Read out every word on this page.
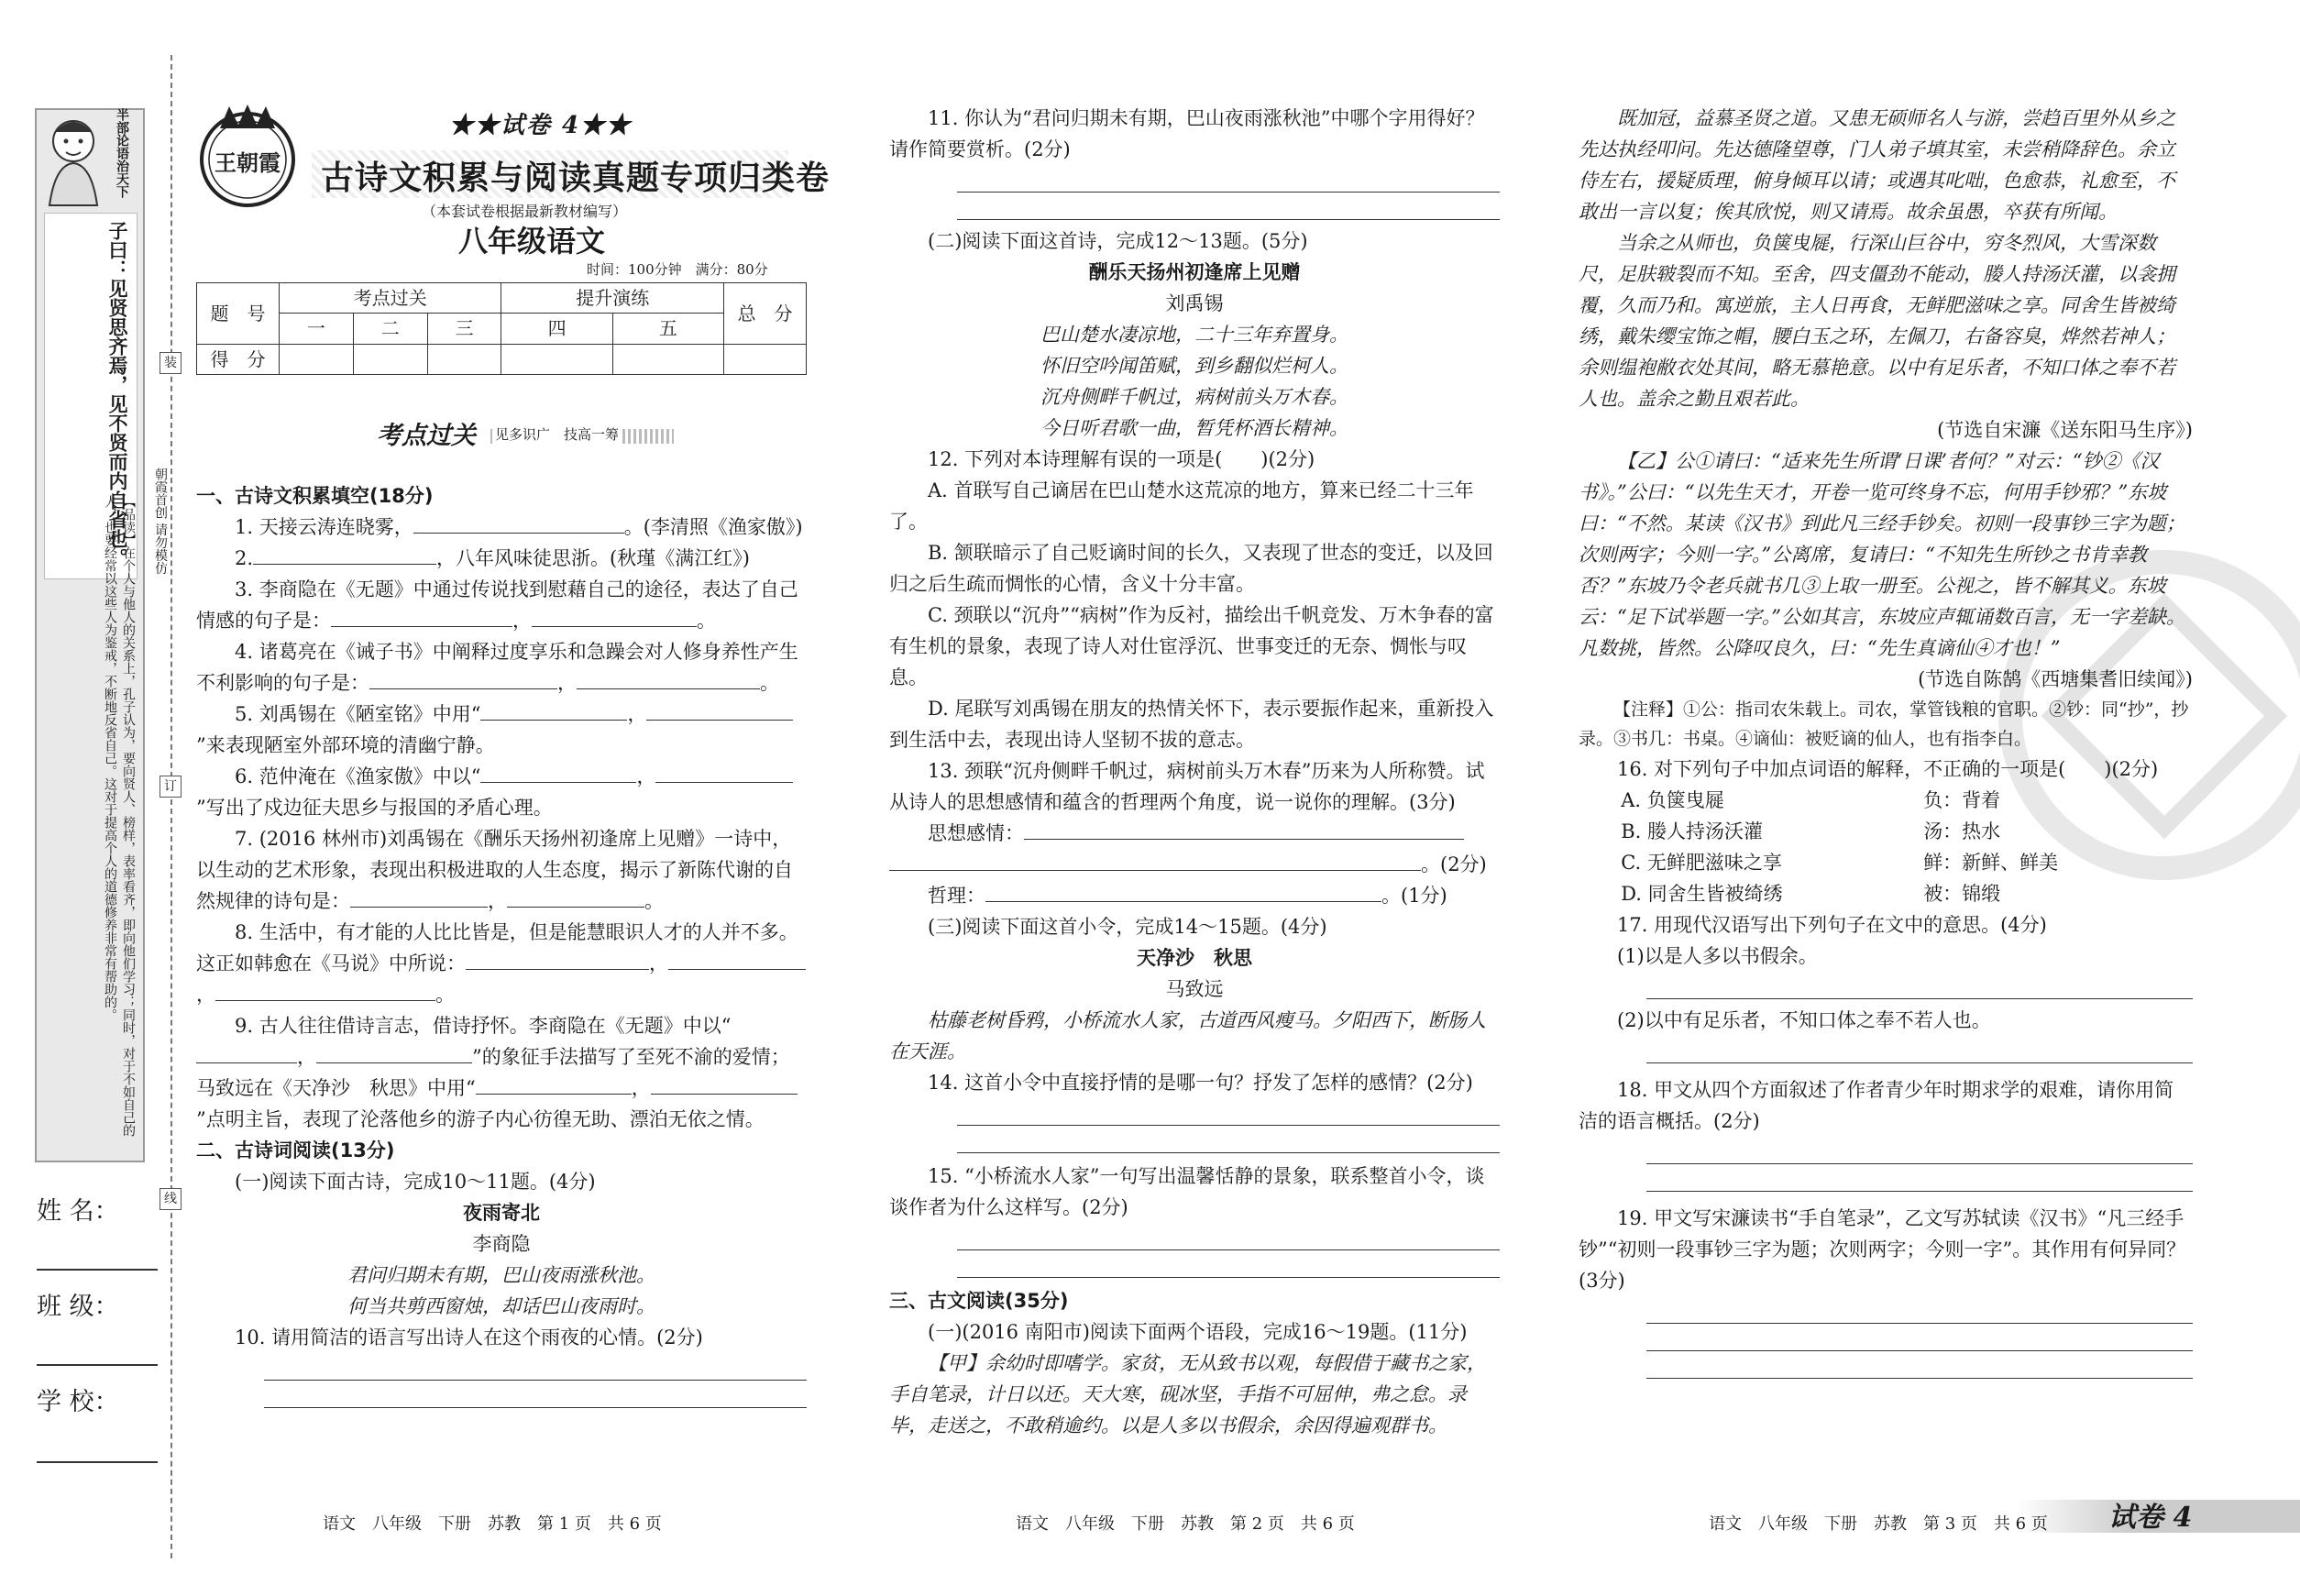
装
订
线
子曰：见贤思齐焉，见不贤而内自省也。
半部论语治天下
【品读】在个人与他人的关系上，孔子认为，要向贤人、榜样，表率看齐，即向他们学习；同时，对于不如自己的人，也要经常以这些人为鉴戒，不断地反省自己。这对于提高个人的道德修养非常有帮助的。	朝霞首创 请勿模仿
姓 名：
班 级：
学 校：
王朝霞
★★试卷 4★★
古诗文积累与阅读真题专项归类卷
（本套试卷根据最新教材编写）
八年级语文
时间：100分钟　满分：80分
题　号	考点过关			提升演练		总　分
	一	二	三	四	五	
得　分						
考点过关 见多识广　技高一筹

一、古诗文积累填空(18分)

1. 天接云涛连晓雾，	。(李清照《渔家傲》)

2.	，八年风味徒思浙。(秋瑾《满江红》)

3. 李商隐在《无题》中通过传说找到慰藉自己的途径，表达了自己情感的句子是：	，	。

4. 诸葛亮在《诫子书》中阐释过度享乐和急躁会对人修身养性产生不利影响的句子是：	，	。

5. 刘禹锡在《陋室铭》中用“	，”来表现陋室外部环境的清幽宁静。

6. 范仲淹在《渔家傲》中以“	，”写出了戍边征夫思乡与报国的矛盾心理。

7. (2016 林州市)刘禹锡在《酬乐天扬州初逢席上见赠》一诗中，以生动的艺术形象，表现出积极进取的人生态度，揭示了新陈代谢的自然规律的诗句是：	，	。

8. 生活中，有才能的人比比皆是，但是能慧眼识人才的人并不多。这正如韩愈在《马说》中所说：	，，	。

9. 古人往往借诗言志，借诗抒怀。李商隐在《无题》中以“，	”的象征手法描写了至死不渝的爱情；马致远在《天净沙　秋思》中用“	，”点明主旨，表现了沦落他乡的游子内心彷徨无助、漂泊无依之情。

二、古诗词阅读(13分)

(一)阅读下面古诗，完成10～11题。(4分)

夜雨寄北

李商隐

君问归期未有期，巴山夜雨涨秋池。

何当共剪西窗烛，却话巴山夜雨时。

10. 请用简洁的语言写出诗人在这个雨夜的心情。(2分)

语文　八年级　下册　苏教　第 1 页　共 6 页

11. 你认为“君问归期未有期，巴山夜雨涨秋池”中哪个字用得好？请作简要赏析。(2分)

(二)阅读下面这首诗，完成12～13题。(5分)

酬乐天扬州初逢席上见赠

刘禹锡

巴山楚水凄凉地，二十三年弃置身。

怀旧空吟闻笛赋，到乡翻似烂柯人。

沉舟侧畔千帆过，病树前头万木春。

今日听君歌一曲，暂凭杯酒长精神。

12. 下列对本诗理解有误的一项是(　　)(2分)

A. 首联写自己谪居在巴山楚水这荒凉的地方，算来已经二十三年了。

B. 颔联暗示了自己贬谪时间的长久，又表现了世态的变迁，以及回归之后生疏而惆怅的心情，含义十分丰富。

C. 颈联以“沉舟”“病树”作为反衬，描绘出千帆竞发、万木争春的富有生机的景象，表现了诗人对仕宦浮沉、世事变迁的无奈、惆怅与叹息。

D. 尾联写刘禹锡在朋友的热情关怀下，表示要振作起来，重新投入到生活中去，表现出诗人坚韧不拔的意志。

13. 颈联“沉舟侧畔千帆过，病树前头万木春”历来为人所称赞。试从诗人的思想感情和蕴含的哲理两个角度，说一说你的理解。(3分)

思想感情：

。(2分)

哲理：	。(1分)

(三)阅读下面这首小令，完成14～15题。(4分)

天净沙　秋思

马致远

枯藤老树昏鸦，小桥流水人家，古道西风瘦马。夕阳西下，断肠人在天涯。

14. 这首小令中直接抒情的是哪一句？抒发了怎样的感情？(2分)

15. “小桥流水人家”一句写出温馨恬静的景象，联系整首小令，谈谈作者为什么这样写。(2分)

三、古文阅读(35分)

(一)(2016 南阳市)阅读下面两个语段，完成16～19题。(11分)

【甲】余幼时即嗜学。家贫，无从致书以观，每假借于藏书之家，手自笔录，计日以还。天大寒，砚冰坚，手指不可屈伸，弗之怠。录毕，走送之，不敢稍逾约。以是人多以书假余，余因得遍观群书。

语文　八年级　下册　苏教　第 2 页　共 6 页

既加冠，益慕圣贤之道。又患无硕师名人与游，尝趋百里外从乡之先达执经叩问。先达德隆望尊，门人弟子填其室，未尝稍降辞色。余立侍左右，援疑质理，俯身倾耳以请；或遇其叱咄，色愈恭，礼愈至，不敢出一言以复；俟其欣悦，则又请焉。故余虽愚，卒获有所闻。

当余之从师也，负箧曳屣，行深山巨谷中，穷冬烈风，大雪深数尺，足肤皲裂而不知。至舍，四支僵劲不能动，媵人持汤沃灌，以衾拥覆，久而乃和。寓逆旅，主人日再食，无鲜肥滋味之享。同舍生皆被绮绣，戴朱缨宝饰之帽，腰白玉之环，左佩刀，右备容臭，烨然若神人；余则缊袍敝衣处其间，略无慕艳意。以中有足乐者，不知口体之奉不若人也。盖余之勤且艰若此。

(节选自宋濂《送东阳马生序》)

【乙】公①请曰：“适来先生所谓‘日课’者何？”对云：“钞②《汉书》。”公曰：“以先生天才，开卷一览可终身不忘，何用手钞邪？”东坡曰：“不然。某读《汉书》到此凡三经手钞矣。初则一段事钞三字为题；次则两字；今则一字。”公离席，复请曰：“不知先生所钞之书肯幸教否？”东坡乃令老兵就书几③上取一册至。公视之，皆不解其义。东坡云：“足下试举题一字。”公如其言，东坡应声辄诵数百言，无一字差缺。凡数挑，皆然。公降叹良久，曰：“先生真谪仙④才也！”

(节选自陈鹄《西塘集耆旧续闻》)

【注释】①公：指司农朱载上。司农，掌管钱粮的官职。②钞：同“抄”，抄录。③书几：书桌。④谪仙：被贬谪的仙人，也有指李白。

16. 对下列句子中加点词语的解释，不正确的一项是(　　)(2分)

A. 负箧曳屣	负：背着
B. 媵人持汤沃灌	汤：热水
C. 无鲜肥滋味之享	鲜：新鲜、鲜美
D. 同舍生皆被绮绣	被：锦缎

17. 用现代汉语写出下列句子在文中的意思。(4分)

(1)以是人多以书假余。

(2)以中有足乐者，不知口体之奉不若人也。

18. 甲文从四个方面叙述了作者青少年时期求学的艰难，请你用简洁的语言概括。(2分)

19. 甲文写宋濂读书“手自笔录”，乙文写苏轼读《汉书》“凡三经手钞”“初则一段事钞三字为题；次则两字；今则一字”。其作用有何异同？(3分)

语文　八年级　下册　苏教　第 3 页　共 6 页 试卷 4
